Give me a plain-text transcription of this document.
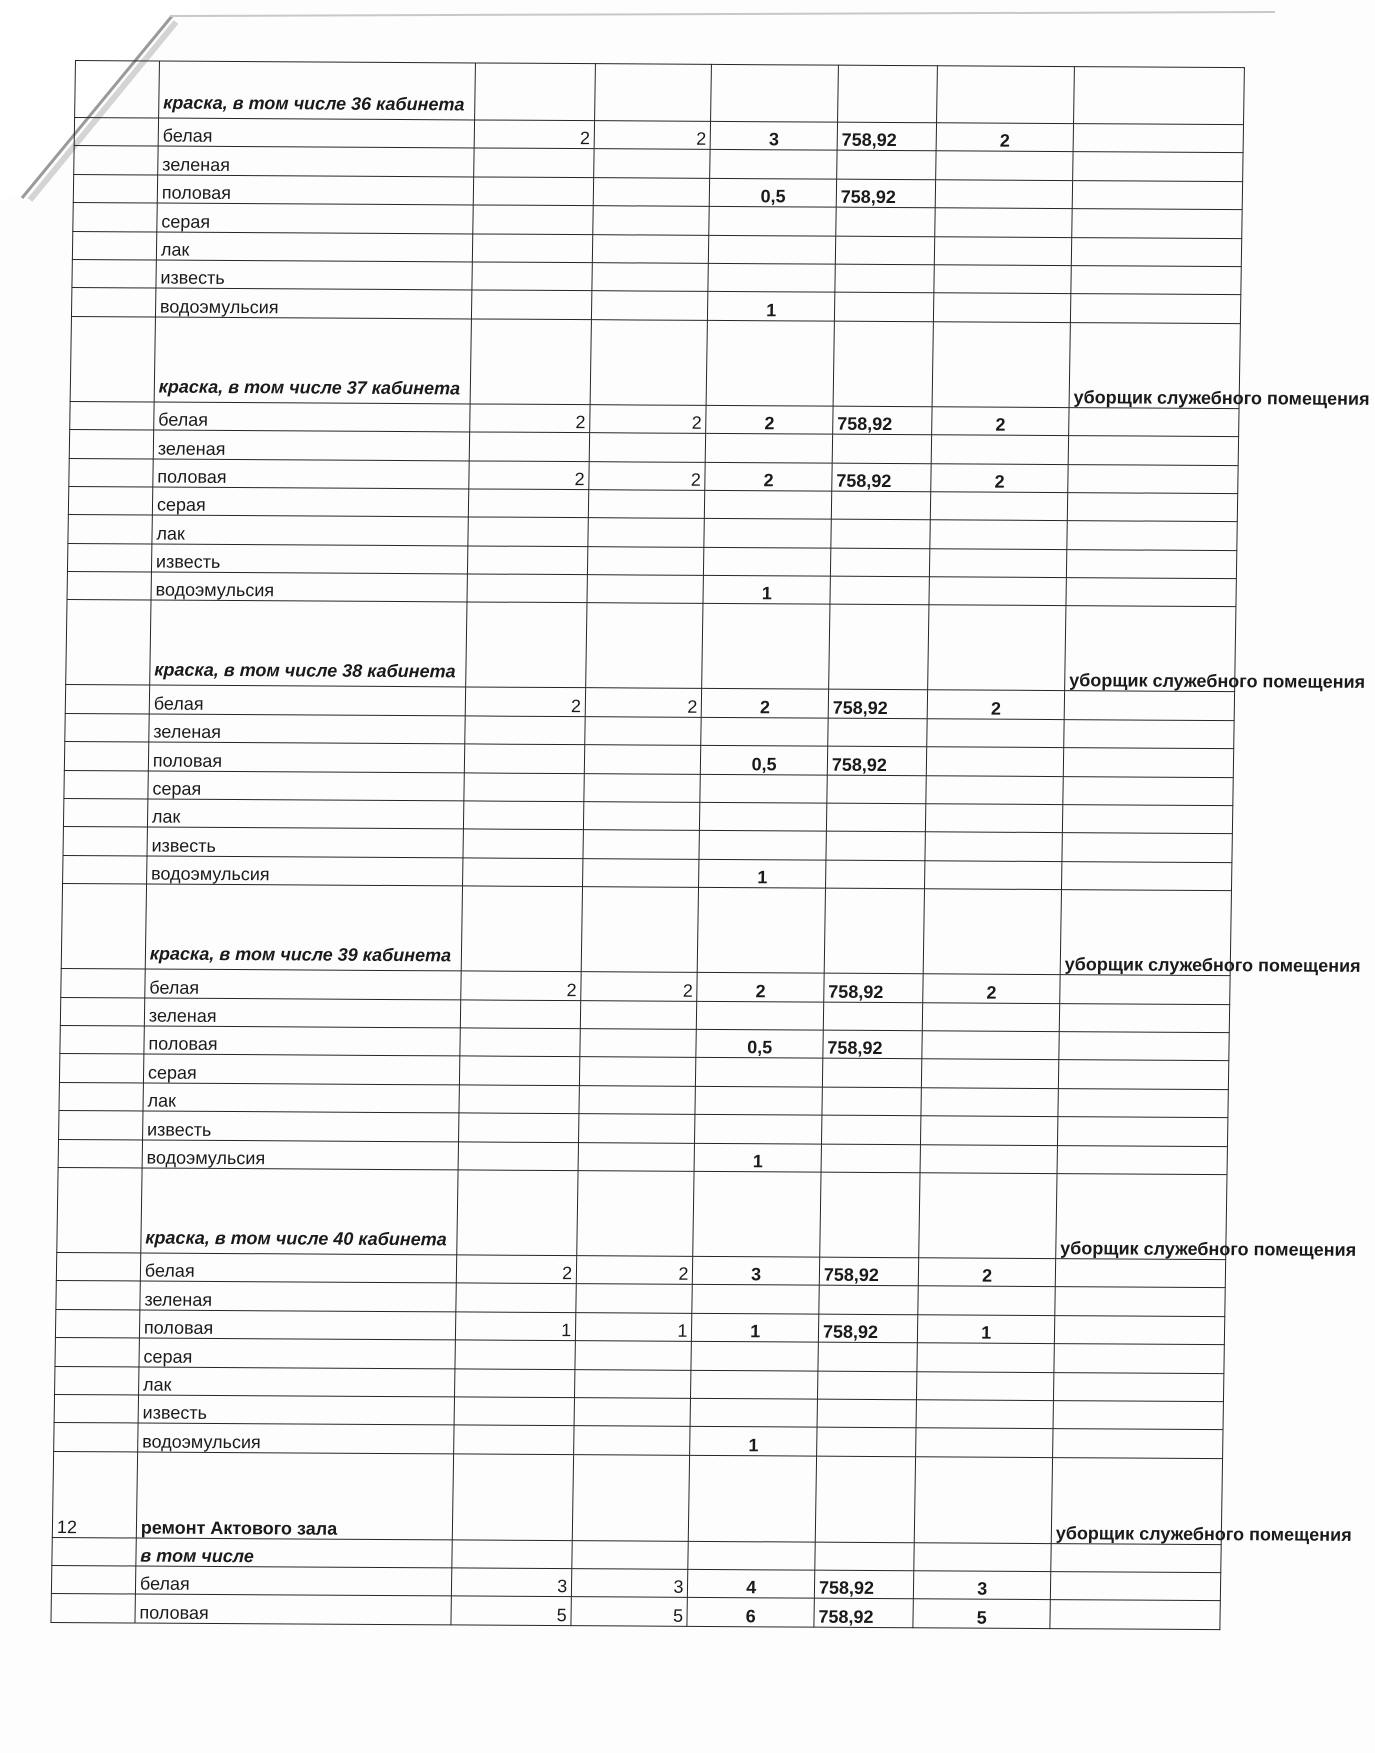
	краска, в том числе 36 кабинета						
	белая	2	2	3	758,92	2	
	зеленая						
	половая			0,5	758,92		
	серая						
	лак						
	известь						
	водоэмульсия			1			
	краска, в том числе 37 кабинета						уборщик служебного помещения
	белая	2	2	2	758,92	2	
	зеленая						
	половая	2	2	2	758,92	2	
	серая						
	лак						
	известь						
	водоэмульсия			1			
	краска, в том числе 38 кабинета						уборщик служебного помещения
	белая	2	2	2	758,92	2	
	зеленая						
	половая			0,5	758,92		
	серая						
	лак						
	известь						
	водоэмульсия			1			
	краска, в том числе 39 кабинета						уборщик служебного помещения
	белая	2	2	2	758,92	2	
	зеленая						
	половая			0,5	758,92		
	серая						
	лак						
	известь						
	водоэмульсия			1			
	краска, в том числе 40 кабинета						уборщик служебного помещения
	белая	2	2	3	758,92	2	
	зеленая						
	половая	1	1	1	758,92	1	
	серая						
	лак						
	известь						
	водоэмульсия			1			
12	ремонт Актового зала						уборщик служебного помещения
	в том числе						
	белая	3	3	4	758,92	3	
	половая	5	5	6	758,92	5	
